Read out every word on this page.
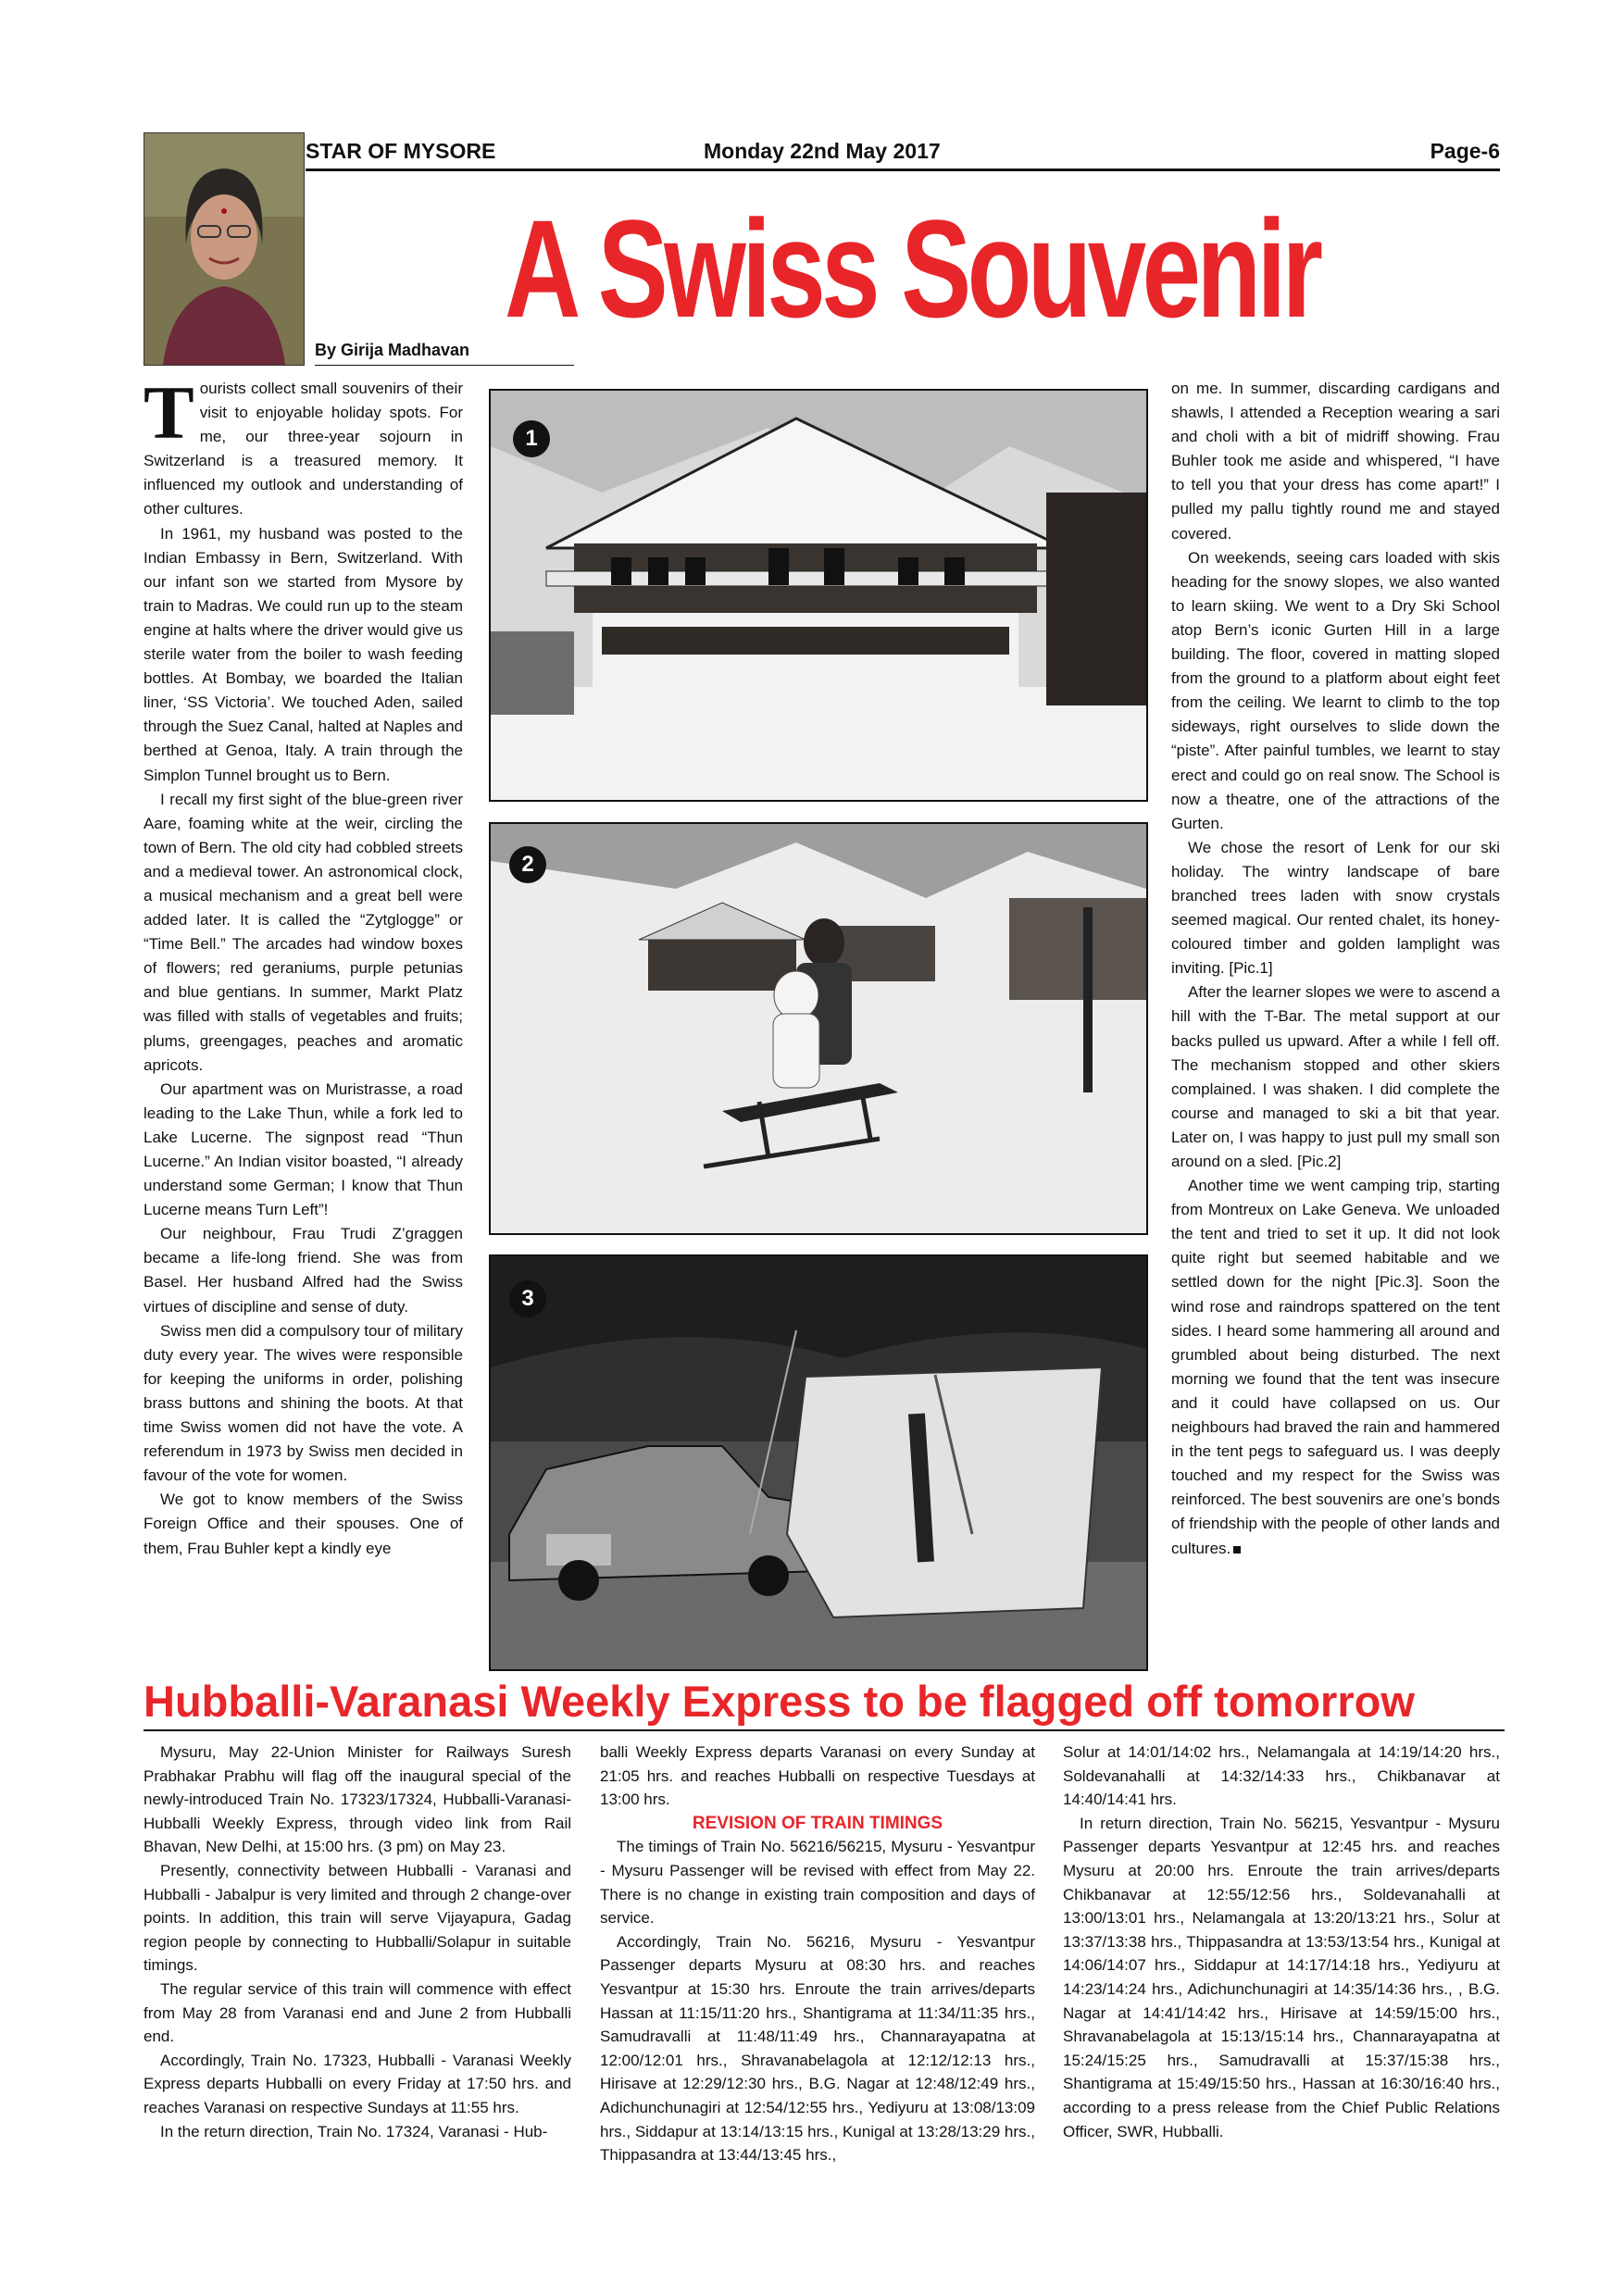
STAR OF MYSORE	Monday 22nd May 2017	Page-6
A Swiss Souvenir
By Girija Madhavan

Tourists collect small souvenirs of their visit to enjoyable holiday spots. For me, our three-year sojourn in Switzerland is a treasured memory. It influenced my outlook and understanding of other cultures.

In 1961, my husband was posted to the Indian Embassy in Bern, Switzerland. With our infant son we started from Mysore by train to Madras. We could run up to the steam engine at halts where the driver would give us sterile water from the boiler to wash feeding bottles. At Bombay, we boarded the Italian liner, ‘SS Victoria’. We touched Aden, sailed through the Suez Canal, halted at Naples and berthed at Genoa, Italy. A train through the Simplon Tunnel brought us to Bern.

I recall my first sight of the blue-green river Aare, foaming white at the weir, circling the town of Bern. The old city had cobbled streets and a medieval tower. An astronomical clock, a musical mechanism and a great bell were added later. It is called the “Zytglogge” or “Time Bell.” The arcades had window boxes of flowers; red geraniums, purple petunias and blue gentians. In summer, Markt Platz was filled with stalls of vegetables and fruits; plums, greengages, peaches and aromatic apricots.

Our apartment was on Muristrasse, a road leading to the Lake Thun, while a fork led to Lake Lucerne. The signpost read “Thun Lucerne.” An Indian visitor boasted, “I already understand some German; I know that Thun Lucerne means Turn Left”!

Our neighbour, Frau Trudi Z’graggen became a life-long friend. She was from Basel. Her husband Alfred had the Swiss virtues of discipline and sense of duty.

Swiss men did a compulsory tour of military duty every year. The wives were responsible for keeping the uniforms in order, polishing brass buttons and shining the boots. At that time Swiss women did not have the vote. A referendum in 1973 by Swiss men decided in favour of the vote for women.

We got to know members of the Swiss Foreign Office and their spouses. One of them, Frau Buhler kept a kindly eye

1
2
3

on me. In summer, discarding cardigans and shawls, I attended a Reception wearing a sari and choli with a bit of midriff showing. Frau Buhler took me aside and whispered, “I have to tell you that your dress has come apart!” I pulled my pallu tightly round me and stayed covered.

On weekends, seeing cars loaded with skis heading for the snowy slopes, we also wanted to learn skiing. We went to a Dry Ski School atop Bern’s iconic Gurten Hill in a large building. The floor, covered in matting sloped from the ground to a platform about eight feet from the ceiling. We learnt to climb to the top sideways, right ourselves to slide down the “piste”. After painful tumbles, we learnt to stay erect and could go on real snow. The School is now a theatre, one of the attractions of the Gurten.

We chose the resort of Lenk for our ski holiday. The wintry landscape of bare branched trees laden with snow crystals seemed magical. Our rented chalet, its honey-coloured timber and golden lamplight was inviting. [Pic.1]

After the learner slopes we were to ascend a hill with the T-Bar. The metal support at our backs pulled us upward. After a while I fell off. The mechanism stopped and other skiers complained. I was shaken. I did complete the course and managed to ski a bit that year. Later on, I was happy to just pull my small son around on a sled. [Pic.2]

Another time we went camping trip, starting from Montreux on Lake Geneva. We unloaded the tent and tried to set it up. It did not look quite right but seemed habitable and we settled down for the night [Pic.3]. Soon the wind rose and raindrops spattered on the tent sides. I heard some hammering all around and grumbled about being disturbed. The next morning we found that the tent was insecure and it could have collapsed on us. Our neighbours had braved the rain and hammered in the tent pegs to safeguard us. I was deeply touched and my respect for the Swiss was reinforced. The best souvenirs are one’s bonds of friendship with the people of other lands and cultures.

Hubballi-Varanasi Weekly Express to be flagged off tomorrow

Mysuru, May 22-Union Minister for Railways Suresh Prabhakar Prabhu will flag off the inaugural special of the newly-introduced Train No. 17323/17324, Hubballi-Varanasi-Hubballi Weekly Express, through video link from Rail Bhavan, New Delhi, at 15:00 hrs. (3 pm) on May 23.

Presently, connectivity between Hubballi - Varanasi and Hubballi - Jabalpur is very limited and through 2 change-over points. In addition, this train will serve Vijayapura, Gadag region people by connecting to Hubballi/Solapur in suitable timings.

The regular service of this train will commence with effect from May 28 from Varanasi end and June 2 from Hubballi end.

Accordingly, Train No. 17323, Hubballi - Varanasi Weekly Express departs Hubballi on every Friday at 17:50 hrs. and reaches Varanasi on respective Sundays at 11:55 hrs.

In the return direction, Train No. 17324, Varanasi - Hub-

balli Weekly Express departs Varanasi on every Sunday at 21:05 hrs. and reaches Hubballi on respective Tuesdays at 13:00 hrs.

REVISION OF TRAIN TIMINGS

The timings of Train No. 56216/56215, Mysuru - Yesvantpur - Mysuru Passenger will be revised with effect from May 22. There is no change in existing train composition and days of service.

Accordingly, Train No. 56216, Mysuru - Yesvantpur Passenger departs Mysuru at 08:30 hrs. and reaches Yesvantpur at 15:30 hrs. Enroute the train arrives/departs Hassan at 11:15/11:20 hrs., Shantigrama at 11:34/11:35 hrs., Samudravalli at 11:48/11:49 hrs., Channarayapatna at 12:00/12:01 hrs., Shravanabelagola at 12:12/12:13 hrs., Hirisave at 12:29/12:30 hrs., B.G. Nagar at 12:48/12:49 hrs., Adichunchunagiri at 12:54/12:55 hrs., Yediyuru at 13:08/13:09 hrs., Siddapur at 13:14/13:15 hrs., Kunigal at 13:28/13:29 hrs., Thippasandra at 13:44/13:45 hrs.,

Solur at 14:01/14:02 hrs., Nelamangala at 14:19/14:20 hrs., Soldevanahalli at 14:32/14:33 hrs., Chikbanavar at 14:40/14:41 hrs.

In return direction, Train No. 56215, Yesvantpur - Mysuru Passenger departs Yesvantpur at 12:45 hrs. and reaches Mysuru at 20:00 hrs. Enroute the train arrives/departs Chikbanavar at 12:55/12:56 hrs., Soldevanahalli at 13:00/13:01 hrs., Nelamangala at 13:20/13:21 hrs., Solur at 13:37/13:38 hrs., Thippasandra at 13:53/13:54 hrs., Kunigal at 14:06/14:07 hrs., Siddapur at 14:17/14:18 hrs., Yediyuru at 14:23/14:24 hrs., Adichunchunagiri at 14:35/14:36 hrs., , B.G. Nagar at 14:41/14:42 hrs., Hirisave at 14:59/15:00 hrs., Shravanabelagola at 15:13/15:14 hrs., Channarayapatna at 15:24/15:25 hrs., Samudravalli at 15:37/15:38 hrs., Shantigrama at 15:49/15:50 hrs., Hassan at 16:30/16:40 hrs., according to a press release from the Chief Public Relations Officer, SWR, Hubballi.
